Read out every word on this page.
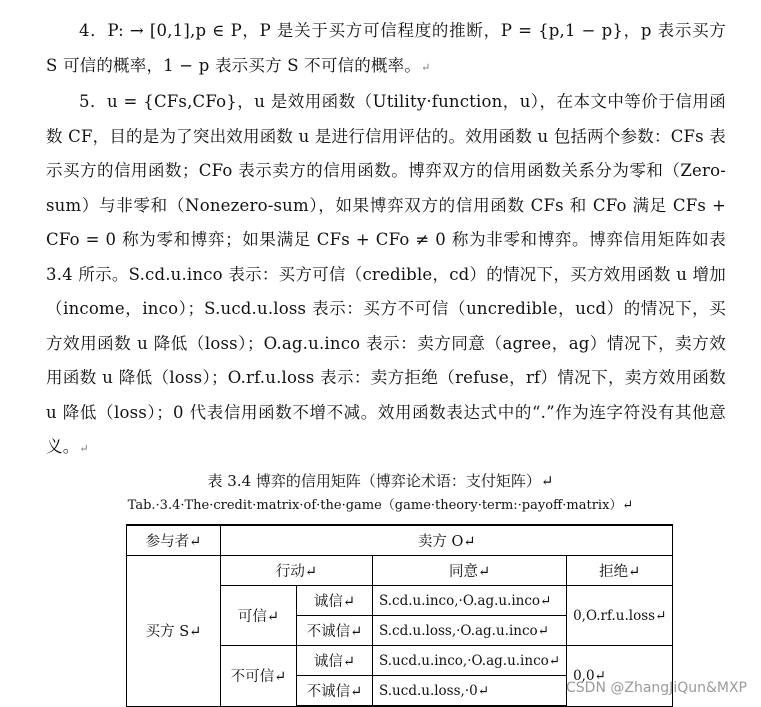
4．P: → [0,1],p ∈ P，P 是关于买方可信程度的推断，P = {p,1 − p}，p 表示买方 S 可信的概率，1 − p 表示买方 S 不可信的概率。↵
5．u = {CFs,CFo}，u 是效用函数（Utility·function，u），在本文中等价于信用函数 CF，目的是为了突出效用函数 u 是进行信用评估的。效用函数 u 包括两个参数：CFs 表示买方的信用函数；CFo 表示卖方的信用函数。博弈双方的信用函数关系分为零和（Zero-sum）与非零和（Nonezero-sum），如果博弈双方的信用函数 CFs 和 CFo 满足 CFs + CFo = 0 称为零和博弈；如果满足 CFs + CFo ≠ 0 称为非零和博弈。博弈信用矩阵如表 3.4 所示。S.cd.u.inco 表示：买方可信（credible，cd）的情况下，买方效用函数 u 增加（income，inco）；S.ucd.u.loss 表示：买方不可信（uncredible，ucd）的情况下，买方效用函数 u 降低（loss）；O.ag.u.inco 表示：卖方同意（agree，ag）情况下，卖方效用函数 u 降低（loss）；O.rf.u.loss 表示：卖方拒绝（refuse，rf）情况下，卖方效用函数 u 降低（loss）；0 代表信用函数不增不减。效用函数表达式中的“.”作为连字符没有其他意义。↵
表 3.4 博弈的信用矩阵（博弈论术语：支付矩阵）↵
Tab.·3.4·The·credit·matrix·of·the·game（game·theory·term:·payoff·matrix）↵
参与者↵	卖方 O↵			
买方 S↵	行动↵		同意↵	拒绝↵
	可信↵	诚信↵	S.cd.u.inco,·O.ag.u.inco↵	0,O.rf.u.loss↵
		不诚信↵	S.cd.u.loss,·O.ag.u.inco↵	
	不可信↵	诚信↵	S.ucd.u.inco,·O.ag.u.inco↵	0,0↵
		不诚信↵	S.ucd.u.loss,·0↵		CSDN @ZhangJiQun&MXP
